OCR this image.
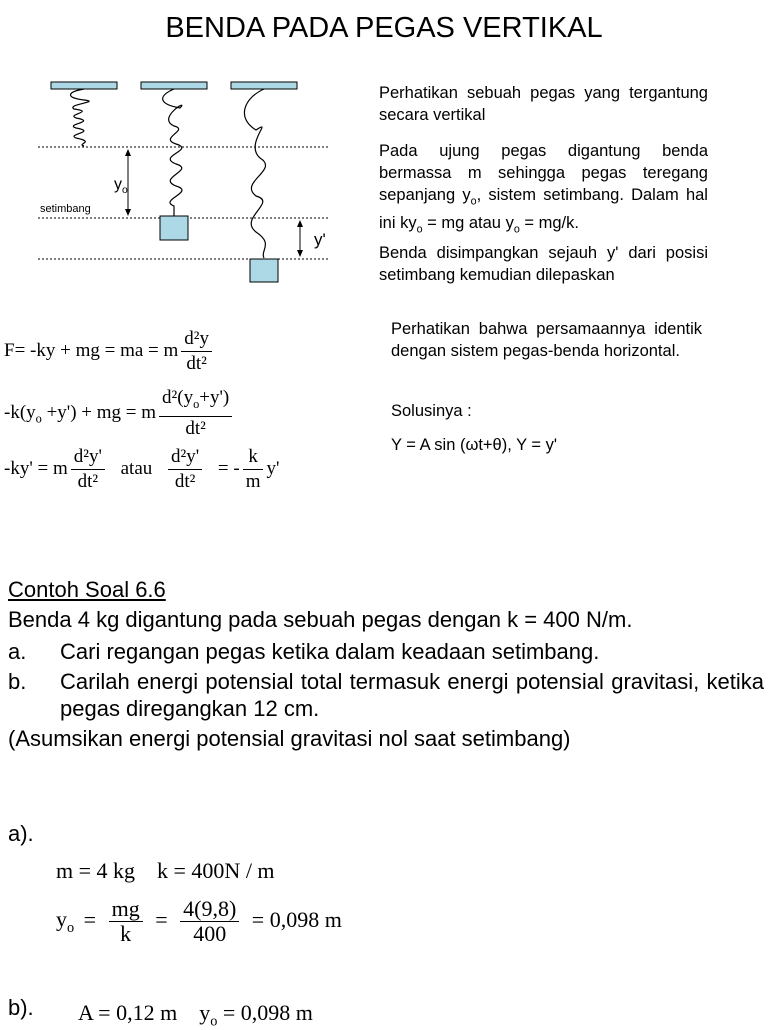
BENDA PADA PEGAS VERTIKAL
$y_o$
setimbang
y'
Perhatikan sebuah pegas yang tergantung secara vertikal
Pada ujung pegas digantung benda bermassa m sehingga pegas teregang sepanjang $y_o$, sistem setimbang. Dalam hal ini $ky_o$ = mg atau $y_o = mg/k$.
Benda disimpangkan sejauh y' dari posisi setimbang kemudian dilepaskan
Perhatikan bahwa persamaannya identik dengan sistem pegas-benda horizontal.
Solusinya :
Y = A sin (ωt+θ), Y = y'
F= -ky + mg = ma = m $\frac{\text{d²y}}{\text{dt²}}$
$-k(y_o +y')$ + mg = m $\frac{d^2(y_o+y')}{\text{dt²}}$
-ky' = m $\frac{\text{d²y'}}{\text{dt²}}$ atau $\frac{\text{d²y'}}{\text{dt²}}$ = - $\frac{k}{m} y'$
Contoh Soal 6.6
Benda 4 kg digantung pada sebuah pegas dengan k = 400 N/m.
a. Cari regangan pegas ketika dalam keadaan setimbang.
b. Carilah energi potensial total termasuk energi potensial gravitasi, ketika pegas diregangkan 12 cm.
(Asumsikan energi potensial gravitasi nol saat setimbang)
a).
m = 4 kg    k = 400N / m
$y_o = \frac{mg}{k} = \frac{4(9,8)}{400} = 0,098$ m
b). A = 0,12 m    $y_o = 0,098$ m
